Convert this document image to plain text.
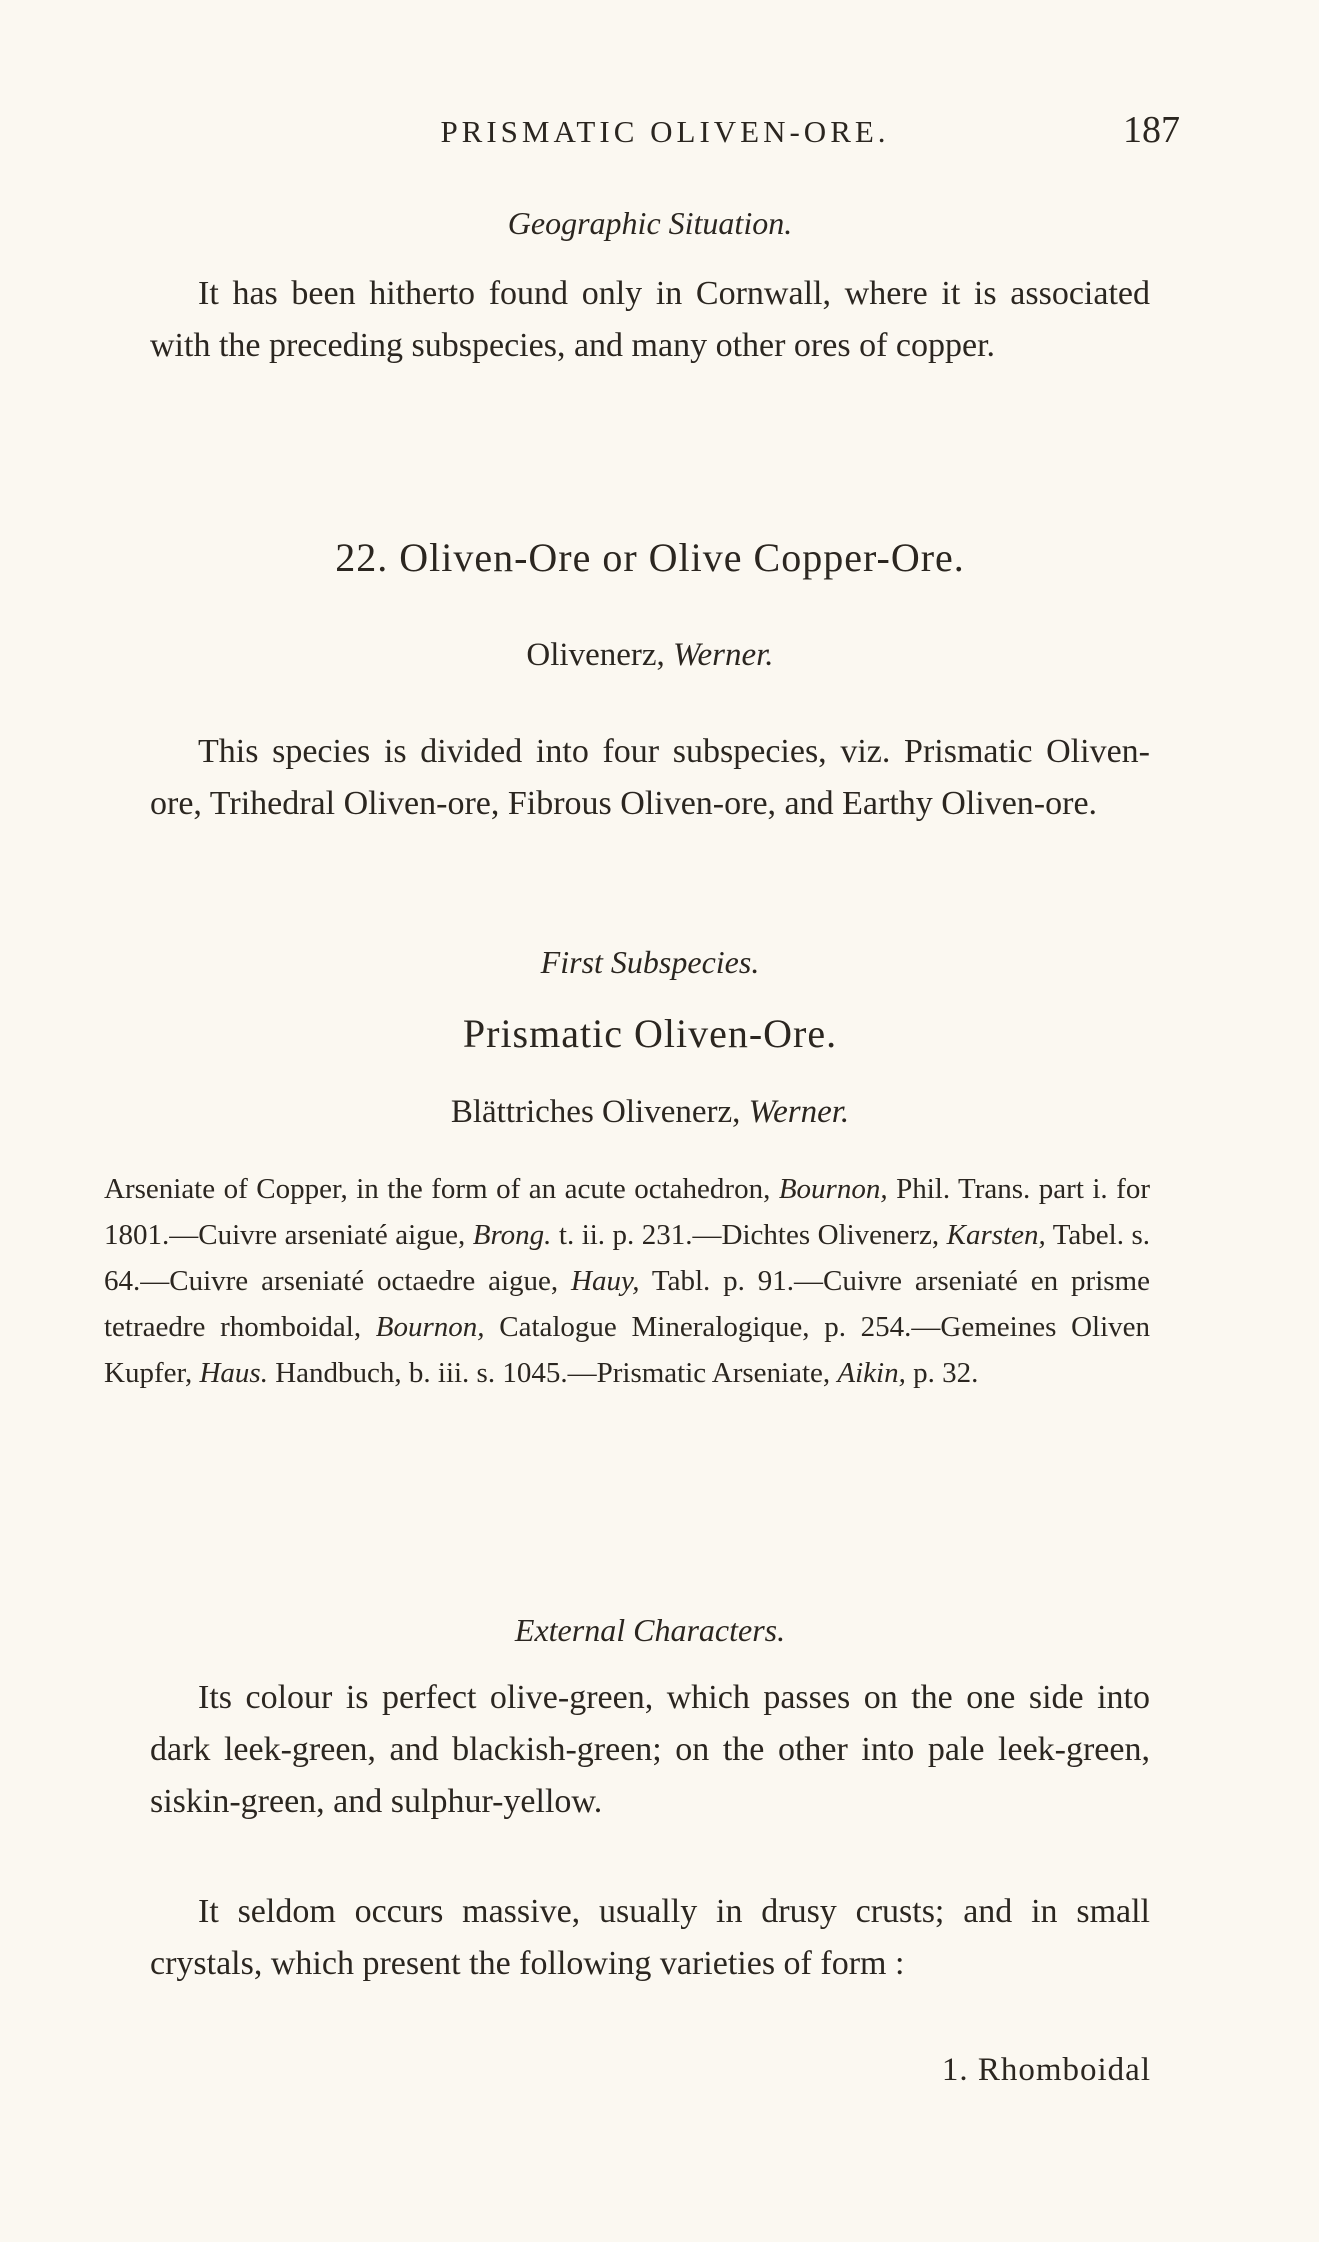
PRISMATIC OLIVEN-ORE.	187
Geographic Situation.

It has been hitherto found only in Cornwall, where it is associated with the preceding subspecies, and many other ores of copper.

22. Oliven-Ore or Olive Copper-Ore.
Olivenerz, Werner.

This species is divided into four subspecies, viz. Prismatic Oliven-ore, Trihedral Oliven-ore, Fibrous Oliven-ore, and Earthy Oliven-ore.

First Subspecies.
Prismatic Oliven-Ore.
Blättriches Olivenerz, Werner.

Arseniate of Copper, in the form of an acute octahedron, Bournon, Phil. Trans. part i. for 1801.—Cuivre arseniaté aigue, Brong. t. ii. p. 231.—Dichtes Olivenerz, Karsten, Tabel. s. 64.—Cuivre arseniaté octaedre aigue, Hauy, Tabl. p. 91.—Cuivre arseniaté en prisme tetraedre rhomboidal, Bournon, Catalogue Mineralogique, p. 254.—Gemeines Oliven Kupfer, Haus. Handbuch, b. iii. s. 1045.—Prismatic Arseniate, Aikin, p. 32.

External Characters.

Its colour is perfect olive-green, which passes on the one side into dark leek-green, and blackish-green; on the other into pale leek-green, siskin-green, and sulphur-yellow.

It seldom occurs massive, usually in drusy crusts; and in small crystals, which present the following varieties of form :

1. Rhomboidal
